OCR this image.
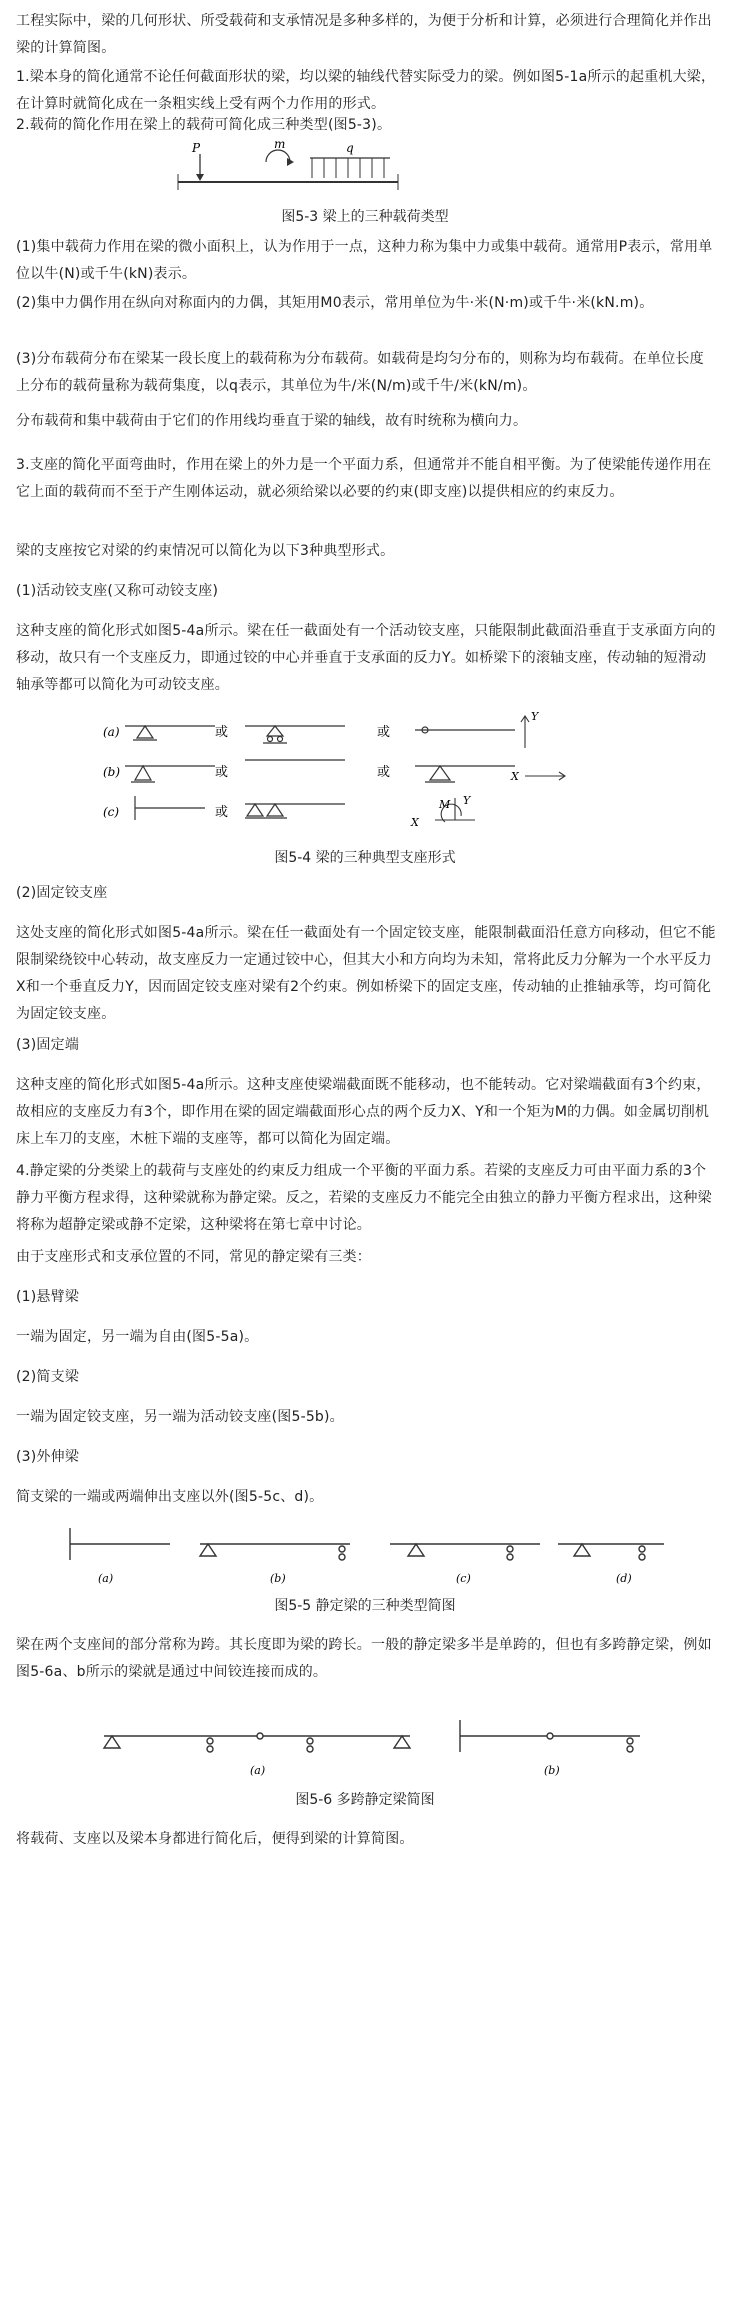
工程实际中，梁的几何形状、所受载荷和支承情况是多种多样的，为便于分析和计算，必须进行合理简化并作出梁的计算简图。

1.梁本身的简化通常不论任何截面形状的梁，均以梁的轴线代替实际受力的梁。例如图5-1a所示的起重机大梁，在计算时就简化成在一条粗实线上受有两个力作用的形式。

2.载荷的简化作用在梁上的载荷可简化成三种类型(图5-3)。

P	m	q

图5-3 梁上的三种载荷类型

(1)集中载荷力作用在梁的微小面积上，认为作用于一点，这种力称为集中力或集中载荷。通常用P表示，常用单位以牛(N)或千牛(kN)表示。

(2)集中力偶作用在纵向对称面内的力偶，其矩用M0表示，常用单位为牛·米(N·m)或千牛·米(kN.m)。

(3)分布载荷分布在梁某一段长度上的载荷称为分布载荷。如载荷是均匀分布的，则称为均布载荷。在单位长度上分布的载荷量称为载荷集度，以q表示，其单位为牛/米(N/m)或千牛/米(kN/m)。

分布载荷和集中载荷由于它们的作用线均垂直于梁的轴线，故有时统称为横向力。

3.支座的简化平面弯曲时，作用在梁上的外力是一个平面力系，但通常并不能自相平衡。为了使梁能传递作用在它上面的载荷而不至于产生刚体运动，就必须给梁以必要的约束(即支座)以提供相应的约束反力。

梁的支座按它对梁的约束情况可以简化为以下3种典型形式。

(1)活动铰支座(又称可动铰支座)

这种支座的简化形式如图5-4a所示。梁在任一截面处有一个活动铰支座，只能限制此截面沿垂直于支承面方向的移动，故只有一个支座反力，即通过铰的中心并垂直于支承面的反力Y。如桥梁下的滚轴支座，传动轴的短滑动轴承等都可以简化为可动铰支座。

(a)
(b)
(c)
或	或
Y
或	或	X
或
M
X
Y

图5-4 梁的三种典型支座形式

(2)固定铰支座

这处支座的简化形式如图5-4a所示。梁在任一截面处有一个固定铰支座，能限制截面沿任意方向移动，但它不能限制梁绕铰中心转动，故支座反力一定通过铰中心，但其大小和方向均为未知，常将此反力分解为一个水平反力X和一个垂直反力Y，因而固定铰支座对梁有2个约束。例如桥梁下的固定支座，传动轴的止推轴承等，均可简化为固定铰支座。

(3)固定端

这种支座的简化形式如图5-4a所示。这种支座使梁端截面既不能移动，也不能转动。它对梁端截面有3个约束，故相应的支座反力有3个，即作用在梁的固定端截面形心点的两个反力X、Y和一个矩为M的力偶。如金属切削机床上车刀的支座，木桩下端的支座等，都可以简化为固定端。

4.静定梁的分类梁上的载荷与支座处的约束反力组成一个平衡的平面力系。若梁的支座反力可由平面力系的3个静力平衡方程求得，这种梁就称为静定梁。反之，若梁的支座反力不能完全由独立的静力平衡方程求出，这种梁将称为超静定梁或静不定梁，这种梁将在第七章中讨论。

由于支座形式和支承位置的不同，常见的静定梁有三类：

(1)悬臂梁

一端为固定，另一端为自由(图5-5a)。

(2)简支梁

一端为固定铰支座，另一端为活动铰支座(图5-5b)。

(3)外伸梁

简支梁的一端或两端伸出支座以外(图5-5c、d)。

(a)	(b)	(c)	(d)

图5-5 静定梁的三种类型简图

梁在两个支座间的部分常称为跨。其长度即为梁的跨长。一般的静定梁多半是单跨的，但也有多跨静定梁，例如图5-6a、b所示的梁就是通过中间铰连接而成的。

(a)	(b)

图5-6 多跨静定梁简图

将载荷、支座以及梁本身都进行简化后，便得到梁的计算简图。
